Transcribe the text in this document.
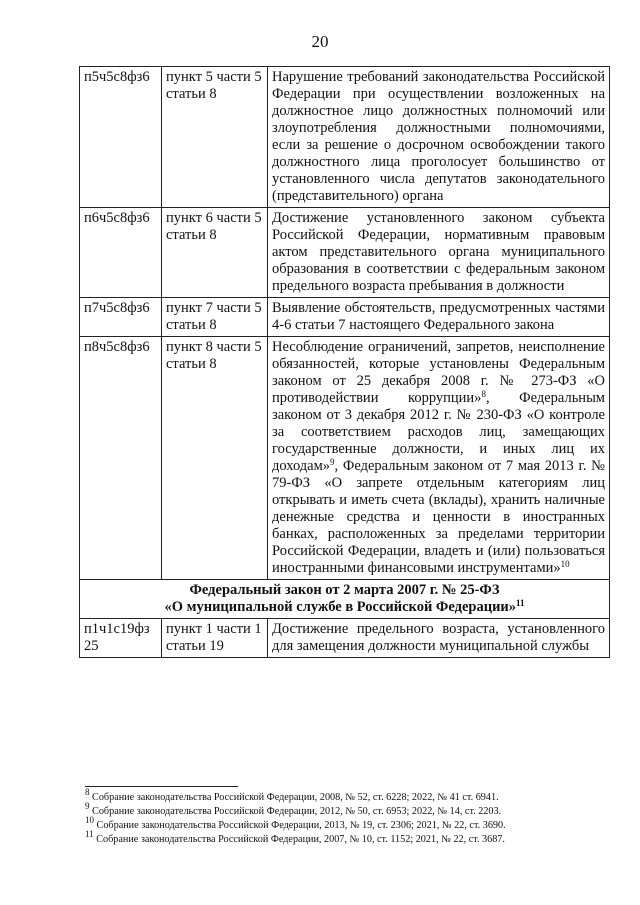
20
п5ч5с8фз6	пункт 5 части 5 статьи 8	Нарушение требований законодательства Российской Федерации при осуществлении возложенных на должностное лицо должностных полномочий или злоупотребления должностными полномочиями, если за решение о досрочном освобождении такого должностного лица проголосует большинство от установленного числа депутатов законодательного (представительного) органа
п6ч5с8фз6	пункт 6 части 5 статьи 8	Достижение установленного законом субъекта Российской Федерации, нормативным правовым актом представительного органа муниципального образования в соответствии с федеральным законом предельного возраста пребывания в должности
п7ч5с8фз6	пункт 7 части 5 статьи 8	Выявление обстоятельств, предусмотренных частями 4-6 статьи 7 настоящего Федерального закона
п8ч5с8фз6	пункт 8 части 5 статьи 8	Несоблюдение ограничений, запретов, неисполнение обязанностей, которые установлены Федеральным законом от 25 декабря 2008 г. № 273-ФЗ «О противодействии коррупции»$^8$, Федеральным законом от 3 декабря 2012 г. № 230-ФЗ «О контроле за соответствием расходов лиц, замещающих государственные должности, и иных лиц их доходам»$^9$, Федеральным законом от 7 мая 2013 г. № 79-ФЗ «О запрете отдельным категориям лиц открывать и иметь счета (вклады), хранить наличные денежные средства и ценности в иностранных банках, расположенных за пределами территории Российской Федерации, владеть и (или) пользоваться иностранными финансовыми инструментами»$^{10}$

Федеральный закон от 2 марта 2007 г. № 25-ФЗ
«О муниципальной службе в Российской Федерации»$^{11}$

п1ч1с19фз 25	пункт 1 части 1 статьи 19	Достижение предельного возраста, установленного для замещения должности муниципальной службы
$^8$ Собрание законодательства Российской Федерации, 2008, № 52, ст. 6228; 2022, № 41 ст. 6941.
$^9$ Собрание законодательства Российской Федерации, 2012, № 50, ст. 6953; 2022, № 14, ст. 2203.
$^{10}$ Собрание законодательства Российской Федерации, 2013, № 19, ст. 2306; 2021, № 22, ст. 3690.
$^{11}$ Собрание законодательства Российской Федерации, 2007, № 10, ст. 1152; 2021, № 22, ст. 3687.
